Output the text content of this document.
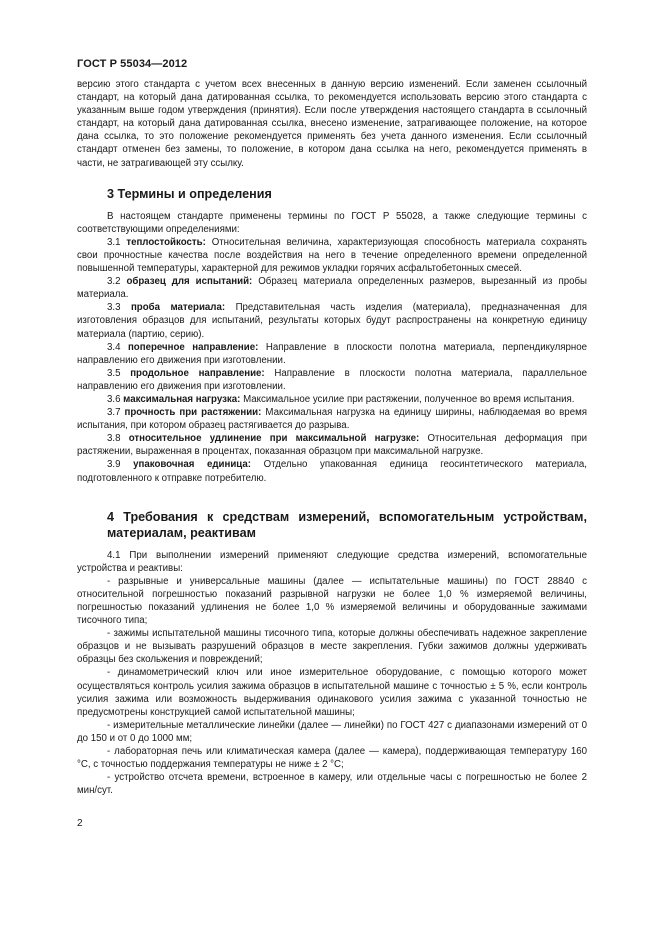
ГОСТ Р 55034—2012

версию этого стандарта с учетом всех внесенных в данную версию изменений. Если заменен ссылочный стандарт, на который дана датированная ссылка, то рекомендуется использовать версию этого стандарта с указанным выше годом утверждения (принятия). Если после утверждения настоящего стандарта в ссылочный стандарт, на который дана датированная ссылка, внесено изменение, затрагивающее положение, на которое дана ссылка, то это положение рекомендуется применять без учета данного изменения. Если ссылочный стандарт отменен без замены, то положение, в котором дана ссылка на него, рекомендуется применять в части, не затрагивающей эту ссылку.

3 Термины и определения

В настоящем стандарте применены термины по ГОСТ Р 55028, а также следующие термины с соответствующими определениями:

3.1 теплостойкость: Относительная величина, характеризующая способность материала сохранять свои прочностные качества после воздействия на него в течение определенного времени определенной повышенной температуры, характерной для режимов укладки горячих асфальтобетонных смесей.

3.2 образец для испытаний: Образец материала определенных размеров, вырезанный из пробы материала.

3.3 проба материала: Представительная часть изделия (материала), предназначенная для изготовления образцов для испытаний, результаты которых будут распространены на конкретную единицу материала (партию, серию).

3.4 поперечное направление: Направление в плоскости полотна материала, перпендикулярное направлению его движения при изготовлении.

3.5 продольное направление: Направление в плоскости полотна материала, параллельное направлению его движения при изготовлении.

3.6 максимальная нагрузка: Максимальное усилие при растяжении, полученное во время испытания.

3.7 прочность при растяжении: Максимальная нагрузка на единицу ширины, наблюдаемая во время испытания, при котором образец растягивается до разрыва.

3.8 относительное удлинение при максимальной нагрузке: Относительная деформация при растяжении, выраженная в процентах, показанная образцом при максимальной нагрузке.

3.9 упаковочная единица: Отдельно упакованная единица геосинтетического материала, подготовленного к отправке потребителю.

4 Требования к средствам измерений, вспомогательным устройствам, материалам, реактивам

4.1 При выполнении измерений применяют следующие средства измерений, вспомогательные устройства и реактивы:

- разрывные и универсальные машины (далее — испытательные машины) по ГОСТ 28840 с относительной погрешностью показаний разрывной нагрузки не более 1,0 % измеряемой величины, погрешностью показаний удлинения не более 1,0 % измеряемой величины и оборудованные зажимами тисочного типа;

- зажимы испытательной машины тисочного типа, которые должны обеспечивать надежное закрепление образцов и не вызывать разрушений образцов в месте закрепления. Губки зажимов должны удерживать образцы без скольжения и повреждений;

- динамометрический ключ или иное измерительное оборудование, с помощью которого может осуществляться контроль усилия зажима образцов в испытательной машине с точностью ± 5 %, если контроль усилия зажима или возможность выдерживания одинакового усилия зажима с указанной точностью не предусмотрены конструкцией самой испытательной машины;

- измерительные металлические линейки (далее — линейки) по ГОСТ 427 с диапазонами измерений от 0 до 150 и от 0 до 1000 мм;

- лабораторная печь или климатическая камера (далее — камера), поддерживающая температуру 160 °С, с точностью поддержания температуры не ниже ± 2 °С;

- устройство отсчета времени, встроенное в камеру, или отдельные часы с погрешностью не более 2 мин/сут.

2
